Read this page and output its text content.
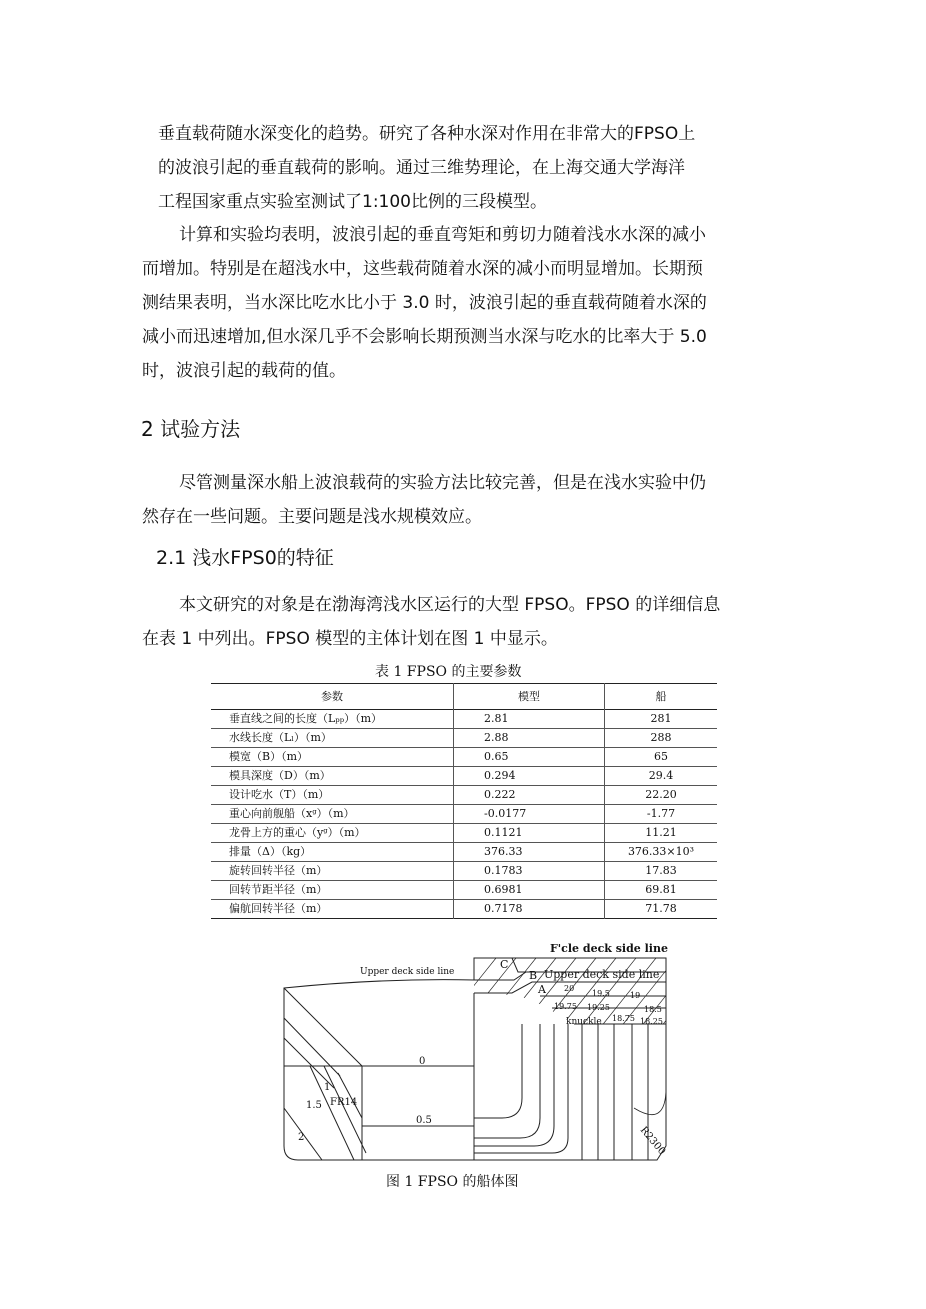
垂直载荷随水深变化的趋势。研究了各种水深对作用在非常大的FPSO上
的波浪引起的垂直载荷的影响。通过三维势理论，在上海交通大学海洋
工程国家重点实验室测试了1:100比例的三段模型。
计算和实验均表明，波浪引起的垂直弯矩和剪切力随着浅水水深的减小
而增加。特别是在超浅水中，这些载荷随着水深的减小而明显增加。长期预
测结果表明，当水深比吃水比小于 3.0 时，波浪引起的垂直载荷随着水深的
减小而迅速增加,但水深几乎不会影响长期预测当水深与吃水的比率大于 5.0
时，波浪引起的载荷的值。
2 试验方法
尽管测量深水船上波浪载荷的实验方法比较完善，但是在浅水实验中仍
然存在一些问题。主要问题是浅水规模效应。
2.1 浅水FPS0的特征
本文研究的对象是在渤海湾浅水区运行的大型 FPSO。FPSO 的详细信息
在表 1 中列出。FPSO 模型的主体计划在图 1 中显示。
表 1 FPSO 的主要参数
参数	模型	船
垂直线之间的长度（Lₚₚ）（m）	2.81	281
水线长度（Lₗ）（m）	2.88	288
模宽（B）（m）	0.65	65
模具深度（D）（m）	0.294	29.4
设计吃水（T）（m）	0.222	22.20
重心向前舰船（xᵍ）（m）	-0.0177	-1.77
龙骨上方的重心（yᵍ）（m）	0.1121	11.21
排量（Δ）（kg）	376.33	376.33×10³
旋转回转半径（m）	0.1783	17.83
回转节距半径（m）	0.6981	69.81
偏航回转半径（m）	0.7178	71.78
F'cle deck side line
Upper deck side line
C
B Upper deck side line
A 20
19.5	19
19.75 19.25	18.5
knuckle 18.75 18.25
0
0.5
1
1.5 FR14
2	R2300
图 1 FPSO 的船体图
